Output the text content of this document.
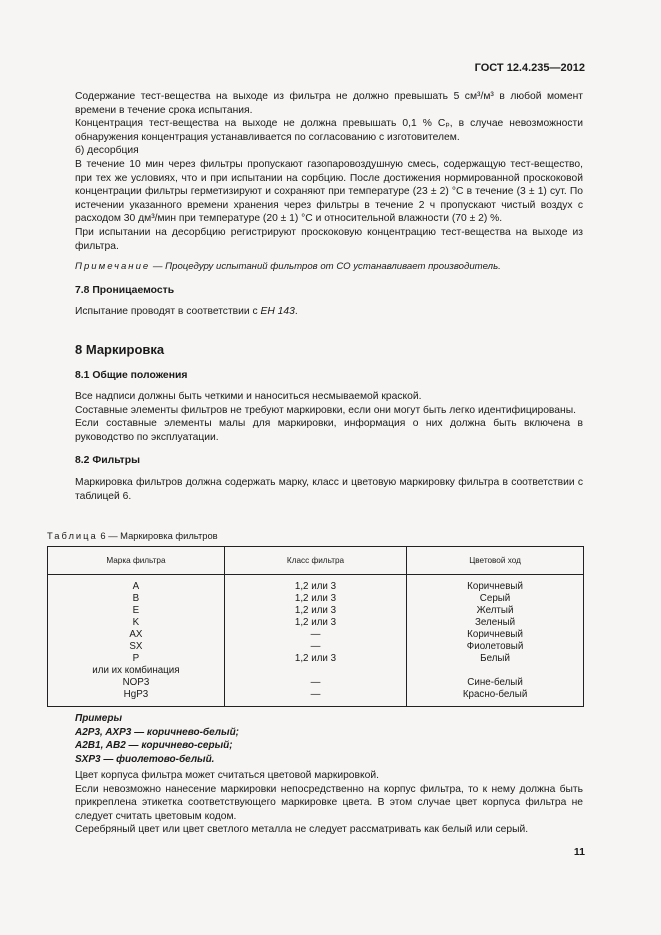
ГОСТ 12.4.235—2012

Содержание тест-вещества на выходе из фильтра не должно превышать 5 см³/м³ в любой момент времени в течение срока испытания.

Концентрация тест-вещества на выходе не должна превышать 0,1 % Сₚ, в случае невозможности обнаружения концентрация устанавливается по согласованию с изготовителем.

б) десорбция

В течение 10 мин через фильтры пропускают газопаровоздушную смесь, содержащую тест-вещество, при тех же условиях, что и при испытании на сорбцию. После достижения нормированной проскоковой концентрации фильтры герметизируют и сохраняют при температуре (23 ± 2) °С в течение (3 ± 1) сут. По истечении указанного времени хранения через фильтры в течение 2 ч пропускают чистый воздух с расходом 30 дм³/мин при температуре (20 ± 1) °С и относительной влажности (70 ± 2) %.

При испытании на десорбцию регистрируют проскоковую концентрацию тест-вещества на выходе из фильтра.

Примечание — Процедуру испытаний фильтров от СО устанавливает производитель.

7.8 Проницаемость

Испытание проводят в соответствии с ЕН 143.

8 Маркировка
8.1 Общие положения

Все надписи должны быть четкими и наноситься несмываемой краской.

Составные элементы фильтров не требуют маркировки, если они могут быть легко идентифицированы.

Если составные элементы малы для маркировки, информация о них должна быть включена в руководство по эксплуатации.

8.2 Фильтры

Маркировка фильтров должна содержать марку, класс и цветовую маркировку фильтра в соответствии с таблицей 6.

Таблица 6 — Маркировка фильтров
Марка фильтра	Класс фильтра	Цветовой ход

A	1,2 или 3	Коричневый
B	1,2 или 3	Серый
E	1,2 или 3	Желтый
K	1,2 или 3	Зеленый
AX	—	Коричневый
SX	—	Фиолетовый
P	1,2 или 3	Белый
или их комбинация		
NOP3	—	Сине-белый
HgP3	—	Красно-белый
Примеры
A2P3, AXP3 — коричнево-белый;
A2B1, AB2 — коричнево-серый;
SXP3 — фиолетово-белый.

Цвет корпуса фильтра может считаться цветовой маркировкой.

Если невозможно нанесение маркировки непосредственно на корпус фильтра, то к нему должна быть прикреплена этикетка соответствующего маркировке цвета. В этом случае цвет корпуса фильтра не следует считать цветовым кодом.

Серебряный цвет или цвет светлого металла не следует рассматривать как белый или серый.

11
